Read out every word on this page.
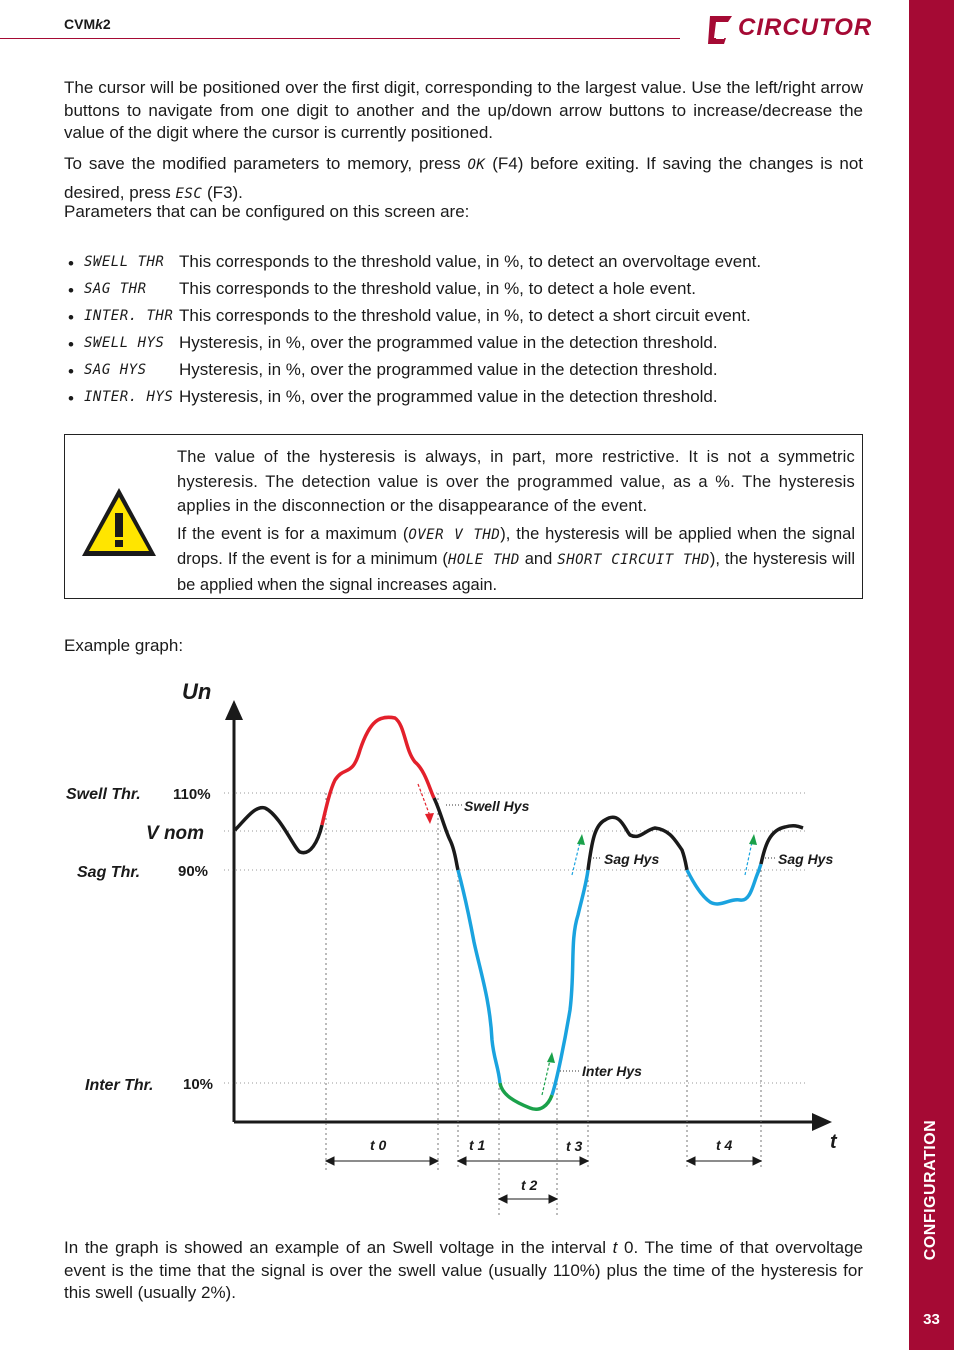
CVMk2	CIRCUTOR
CONFIGURATION
33
The cursor will be positioned over the first digit, corresponding to the largest value. Use the left/right arrow buttons to navigate from one digit to another and the up/down arrow buttons to increase/decrease the value of the digit where the cursor is currently positioned.
To save the modified parameters to memory, press OK (F4) before exiting. If saving the changes is not desired, press ESC (F3).
Parameters that can be configured on this screen are:
• SWELL THR This corresponds to the threshold value, in %, to detect an overvoltage event.
• SAG THR This corresponds to the threshold value, in %, to detect a hole event.
• INTER. THR This corresponds to the threshold value, in %, to detect a short circuit event.
• SWELL HYS Hysteresis, in %, over the programmed value in the detection threshold.
• SAG HYS Hysteresis, in %, over the programmed value in the detection threshold.
• INTER. HYS Hysteresis, in %, over the programmed value in the detection threshold.
The value of the hysteresis is always, in part, more restrictive. It is not a symmetric hysteresis. The detection value is over the programmed value, as a %. The hysteresis applies in the disconnection or the disappearance of the event.
If the event is for a maximum (OVER V THD), the hysteresis will be applied when the signal drops. If the event is for a minimum (HOLE THD and SHORT CIRCUIT THD), the hysteresis will be applied when the signal increases again.
Example graph:
Un
t
Swell Thr. 110%
V nom
Sag Thr.	90%
Inter Thr. 10%
Swell Hys
Sag Hys	Sag Hys
Inter Hys
t 0	t 1	t 3	t 4
t 2
In the graph is showed an example of an Swell voltage in the interval t 0. The time of that overvoltage event is the time that the signal is over the swell value (usually 110%) plus the time of the hysteresis for this swell (usually 2%).
